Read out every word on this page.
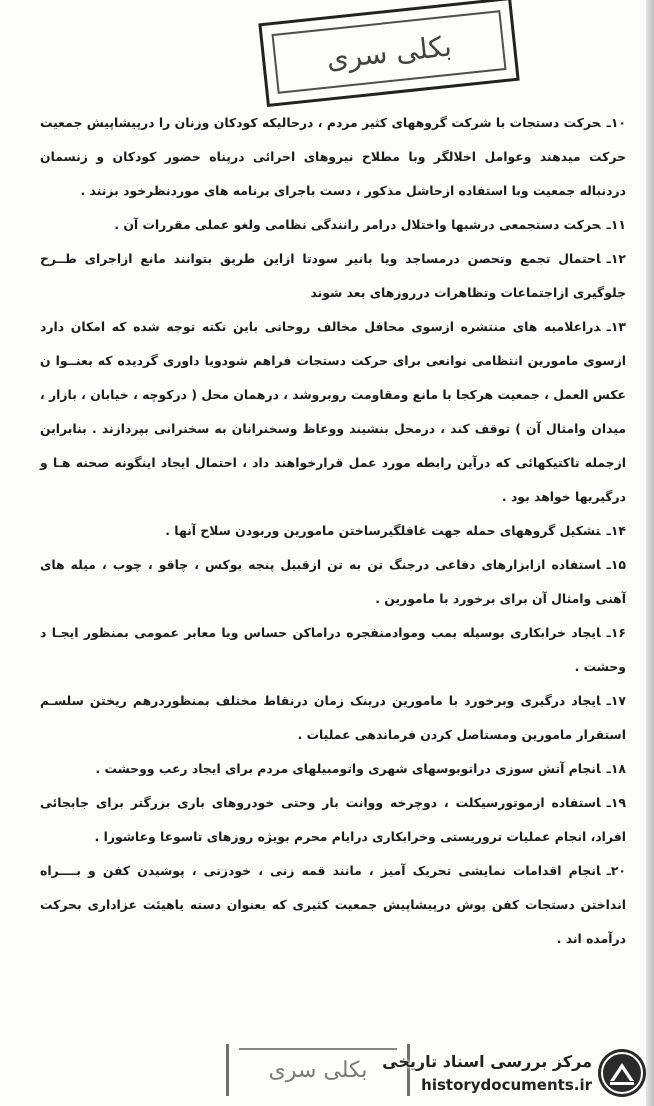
بکلی سری

۱۰ـحرکت دستجات با شرکت گروههای کثیر مردم ، درحالیکه کودکان وزنان را درپیشاپیش جمعیت حرکت میدهند وعوامل اخلالگر وبا مطلاح نیروهای احرائی درپناه حضور کودکان و زنسمان دردنباله جمعیت وبا استفاده ازحاشل مذکور ، دست باجرای برنامه های موردنظرخود بزنند .

۱۱ـحرکت دستجمعی درشبها واختلال درامر رانندگی نظامی ولغو عملی مقررات آن .

۱۲ـاحتمال تجمع وتحصن درمساجد ویا بانیر سودتا ازاین طریق بتوانند مانع ازاجرای طــرح جلوگیری ازاجتماعات وتظاهرات درروزهای بعد شوند

۱۳ـدراعلامیه های منتشره ازسوی محافل مخالف روحانی باین نکته توجه شده که امکان دارد ازسوی مامورین انتظامی نوانعی برای حرکت دستجات فراهم شودویا داوری گردیده که بعنــوا ن عکس العمل ، جمعیت هرکجا با مانع ومقاومت روبروشد ، درهمان محل ( درکوچه ، خیابان ، بازار ، میدان وامثال آن ) توقف کند ، درمحل بنشیند ووعاظ وسخنرانان به سخنرانی بپردازند . بنابراین ازجمله تاکتیکهائی که درآین رابطه مورد عمل قرارخواهند داد ، احتمال ایجاد اینگونه صحنه هـا و درگیریها خواهد بود .

۱۴ـتشکیل گروههای حمله جهت غافلگیرساختن مامورین وربودن سلاح آنها .

۱۵ـاستفاده ازابزارهای دفاعی درجنگ تن به تن ازقبیل پنجه بوکس ، چاقو ، چوب ، میله های آهنی وامثال آن برای برخورد با مامورین .

۱۶ـایجاد خرابکاری بوسیله بمب وموادمنفجره دراماکن حساس ویا معابر عمومی بمنظور ایجـا د وحشت .

۱۷ـایجاد درگیری وبرخورد با مامورین درینک زمان درنقاط مختلف بمنظوردرهم ریختن سلسـم استقرار مامورین ومستاصل کردن فرماندهی عملیات .

۱۸ـانجام آتش سوزی دراتوبوسهای شهری واتومبیلهای مردم برای ایجاد رعب ووحشت .

۱۹ـاستفاده ازموتورسیکلت ، دوچرخه ووانت بار وحتی خودروهای باری بزرگتر برای جابجائی افراد، انجام عملیات تروریستی وخرابکاری درایام محرم بویژه روزهای تاسوعا وعاشورا .

۲۰ـانجام اقدامات نمایشی تحریک آمیز ، مانند قمه زنی ، خودزنی ، پوشیدن کفن و بــــراه انداختن دستجات کفن پوش درپیشاپیش جمعیت کثیری که بعنوان دسته یاهیئت عزاداری بحرکت درآمده اند .

بکلی سری مرکز بررسی اسناد تاریخی
historydocuments.ir
